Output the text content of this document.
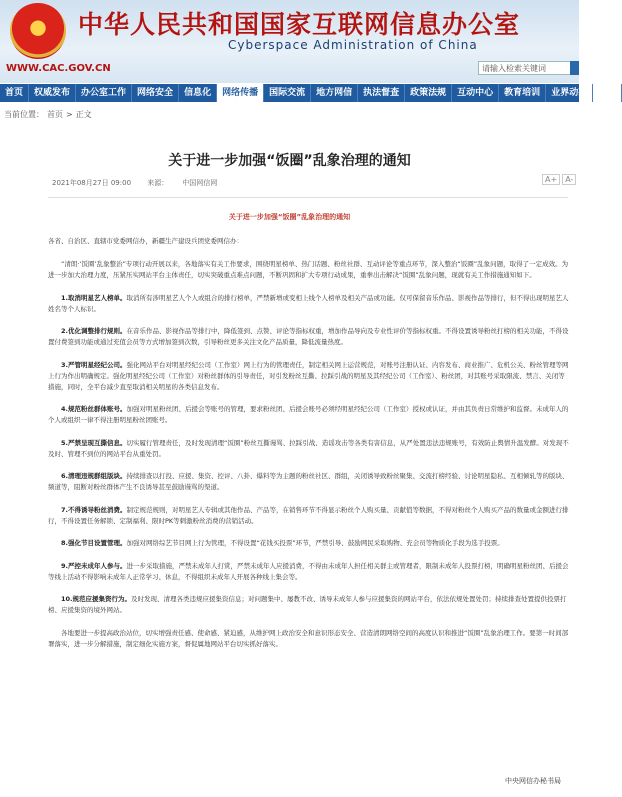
中华人民共和国国家互联网信息办公室
Cyberspace Administration of China
WWW.CAC.GOV.CN	请输入检索关键词
首页	权威发布	办公室工作	网络安全	信息化	网络传播	国际交流	地方网信	执法督查	政策法规	互动中心	教育培训	业界动态	公示
当前位置： 首页 > 正文
关于进一步加强“饭圈”乱象治理的通知
2021年08月27日 09:00 来源： 中国网信网	A+ A-
关于进一步加强“饭圈”乱象治理的通知

各省、自治区、直辖市党委网信办，新疆生产建设兵团党委网信办：

“清朗·‘饭圈’乱象整治”专项行动开展以来，各地落实有关工作要求，围绕明星榜单、热门话题、粉丝社群、互动评论等重点环节，深入整治“饭圈”乱象问题，取得了一定成效。为进一步加大治理力度，压紧压实网站平台主体责任，切实突破重点难点问题，不断巩固和扩大专项行动成果，重拳出击解决“饭圈”乱象问题，现就有关工作措施通知如下。

1.取消明星艺人榜单。取消所有涉明星艺人个人或组合的排行榜单，严禁新增或变相上线个人榜单及相关产品或功能。仅可保留音乐作品、影视作品等排行，但不得出现明星艺人姓名等个人标识。

2.优化调整排行规则。在音乐作品、影视作品等排行中，降低签到、点赞、评论等指标权重，增加作品导向及专业性评价等指标权重。不得设置诱导粉丝打榜的相关功能，不得设置付费签到功能或通过充值会员等方式增加签到次数，引导粉丝更多关注文化产品质量，降低流量热度。

3.严管明星经纪公司。强化网站平台对明星经纪公司（工作室）网上行为的管理责任，制定相关网上运营规范，对账号注册认证、内容发布、商业推广、危机公关、粉丝管理等网上行为作出明确规定。强化明星经纪公司（工作室）对粉丝群体的引导责任，对引发粉丝互撕、拉踩引战的明星及其经纪公司（工作室）、粉丝团，对其账号采取限流、禁言、关闭等措施，同时，全平台减少直至取消相关明星的各类信息发布。

4.规范粉丝群体账号。加强对明星粉丝团、后援会等账号的管理，要求粉丝团、后援会账号必须经明星经纪公司（工作室）授权或认证，并由其负责日常维护和监督。未成年人的个人或组织一律不得注册明星粉丝团账号。

5.严禁呈现互撕信息。切实履行管理责任，及时发现清理“饭圈”粉丝互撕谩骂、拉踩引战、造谣攻击等各类有害信息，从严处置违法违规账号，有效防止舆情升温发酵。对发现不及时、管理不到位的网站平台从重处罚。

6.清理违规群组版块。持续排查以打投、应援、集资、控评、八卦、爆料等为主题的粉丝社区、群组，关闭诱导致粉丝聚集、交流打榜经验、讨论明星隐私、互相倾轧等的版块、频道等，阻断对粉丝群体产生不良诱导甚至鼓励谩骂的渠道。

7.不得诱导粉丝消费。制定规范规则，对明星艺人专辑或其他作品、产品等，在销售环节不得显示粉丝个人购买量、贡献值等数据，不得对粉丝个人购买产品的数量或金额进行排行，不得设置任务解锁、定制福利、限时PK等刺激粉丝消费的营销活动。

8.强化节目设置管理。加强对网络综艺节目网上行为管理，不得设置“花钱买投票”环节，严禁引导、鼓励网民采取购物、充会员等物质化手段为选手投票。

9.严控未成年人参与。进一步采取措施，严禁未成年人打赏，严禁未成年人应援消费，不得由未成年人担任相关群主或管理者，限制未成年人投票打榜，明确明星粉丝团、后援会等线上活动不得影响未成年人正常学习、休息，不得组织未成年人开展各种线上集会等。

10.规范应援集资行为。及时发现、清理各类违规应援集资信息；对问题集中、屡教不改、诱导未成年人参与应援集资的网站平台，依法依规处置处罚；持续排查处置提供投票打榜、应援集资的境外网站。

各地要进一步提高政治站位，切实增强责任感、使命感、紧迫感，从维护网上政治安全和意识形态安全、营造清朗网络空间的高度认识和推进“饭圈”乱象治理工作。要第一时间部署落实，进一步分解措施，制定细化实施方案，督促属地网站平台切实抓好落实。

中央网信办秘书局
